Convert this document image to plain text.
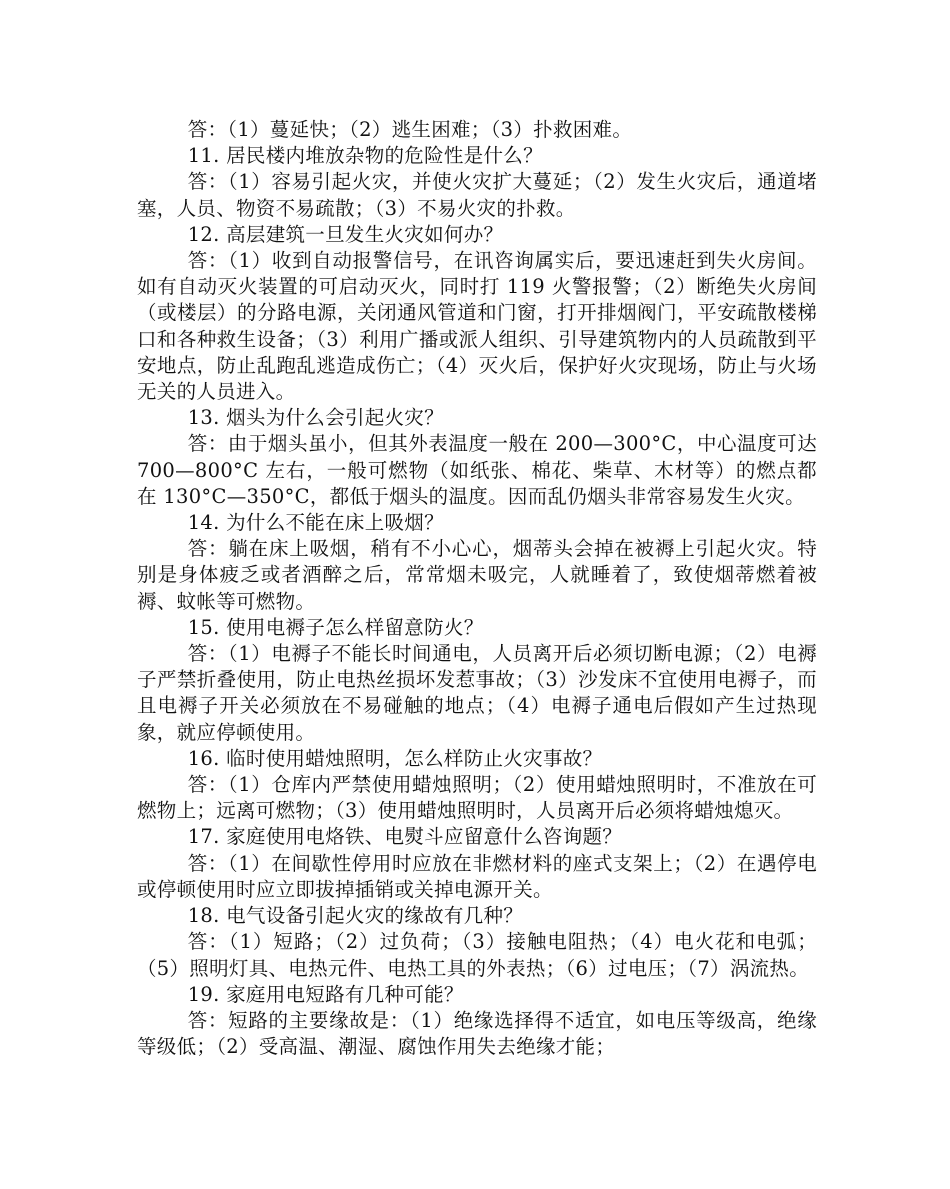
答：（1）蔓延快；（2）逃生困难；（3）扑救困难。

11. 居民楼内堆放杂物的危险性是什么？

答：（1）容易引起火灾，并使火灾扩大蔓延；（2）发生火灾后，通道堵塞，人员、物资不易疏散；（3）不易火灾的扑救。

12. 高层建筑一旦发生火灾如何办？

答：（1）收到自动报警信号，在讯咨询属实后，要迅速赶到失火房间。如有自动灭火装置的可启动灭火，同时打 119 火警报警；（2）断绝失火房间（或楼层）的分路电源，关闭通风管道和门窗，打开排烟阀门，平安疏散楼梯口和各种救生设备；（3）利用广播或派人组织、引导建筑物内的人员疏散到平安地点，防止乱跑乱逃造成伤亡；（4）灭火后，保护好火灾现场，防止与火场无关的人员进入。

13. 烟头为什么会引起火灾？

答：由于烟头虽小，但其外表温度一般在 200—300°C，中心温度可达 700—800°C 左右，一般可燃物（如纸张、棉花、柴草、木材等）的燃点都在 130°C—350°C，都低于烟头的温度。因而乱仍烟头非常容易发生火灾。

14. 为什么不能在床上吸烟？

答：躺在床上吸烟，稍有不小心心，烟蒂头会掉在被褥上引起火灾。特别是身体疲乏或者酒醉之后，常常烟未吸完，人就睡着了，致使烟蒂燃着被褥、蚊帐等可燃物。

15. 使用电褥子怎么样留意防火？

答：（1）电褥子不能长时间通电，人员离开后必须切断电源；（2）电褥子严禁折叠使用，防止电热丝损坏发惹事故；（3）沙发床不宜使用电褥子，而且电褥子开关必须放在不易碰触的地点；（4）电褥子通电后假如产生过热现象，就应停顿使用。

16. 临时使用蜡烛照明，怎么样防止火灾事故？

答：（1）仓库内严禁使用蜡烛照明；（2）使用蜡烛照明时，不准放在可燃物上；远离可燃物；（3）使用蜡烛照明时，人员离开后必须将蜡烛熄灭。

17. 家庭使用电烙铁、电熨斗应留意什么咨询题？

答：（1）在间歇性停用时应放在非燃材料的座式支架上；（2）在遇停电或停顿使用时应立即拔掉插销或关掉电源开关。

18. 电气设备引起火灾的缘故有几种？

答：（1）短路；（2）过负荷；（3）接触电阻热；（4）电火花和电弧；（5）照明灯具、电热元件、电热工具的外表热；（6）过电压；（7）涡流热。

19. 家庭用电短路有几种可能？

答：短路的主要缘故是：（1）绝缘选择得不适宜，如电压等级高，绝缘等级低；（2）受高温、潮湿、腐蚀作用失去绝缘才能；
